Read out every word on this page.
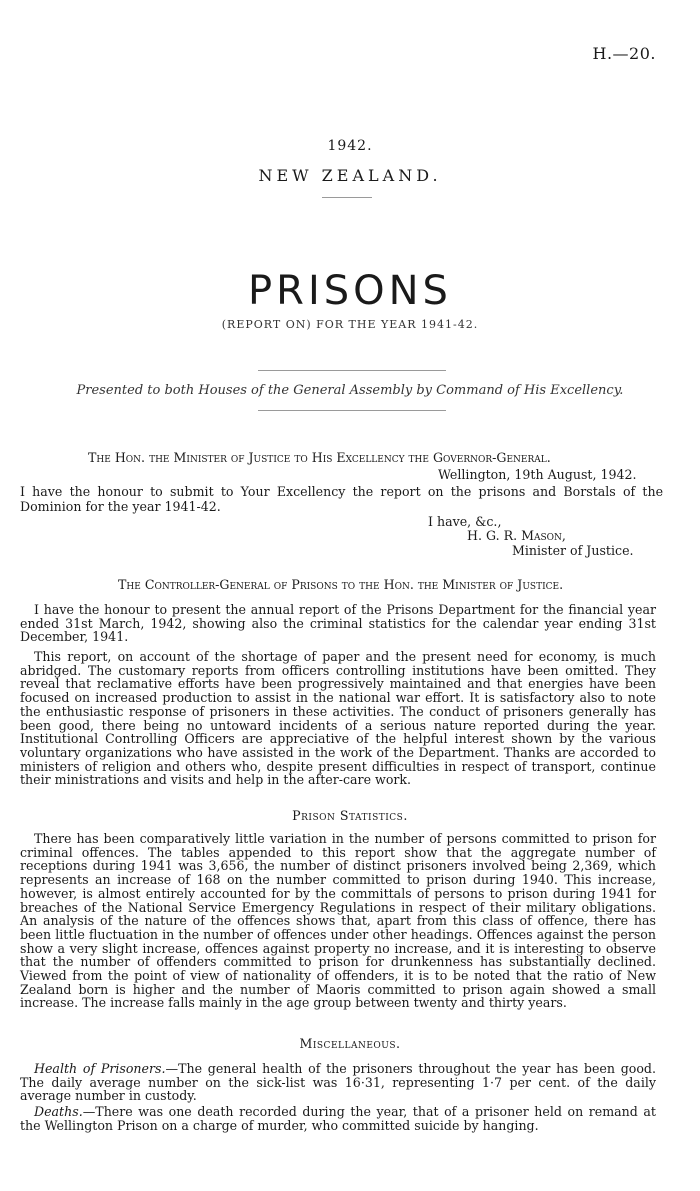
H.—20.
1942.
NEW ZEALAND.
PRISONS
(REPORT ON) FOR THE YEAR 1941-42.
Presented to both Houses of the General Assembly by Command of His Excellency.
The Hon. the Minister of Justice to His Excellency the Governor-General.
Wellington, 19th August, 1942.
I have the honour to submit to Your Excellency the report on the prisons and Borstals of the
Dominion for the year 1941-42.
I have, &c.,
H. G. R. Mason,
Minister of Justice.
The Controller-General of Prisons to the Hon. the Minister of Justice.
I have the honour to present the annual report of the Prisons Department for the financial year ended 31st March, 1942, showing also the criminal statistics for the calendar year ending 31st December, 1941.
This report, on account of the shortage of paper and the present need for economy, is much abridged. The customary reports from officers controlling institutions have been omitted. They reveal that reclamative efforts have been progressively maintained and that energies have been focused on increased production to assist in the national war effort. It is satisfactory also to note the enthusiastic response of prisoners in these activities. The conduct of prisoners generally has been good, there being no untoward incidents of a serious nature reported during the year. Institutional Controlling Officers are appreciative of the helpful interest shown by the various voluntary organizations who have assisted in the work of the Department. Thanks are accorded to ministers of religion and others who, despite present difficulties in respect of transport, continue their ministrations and visits and help in the after-care work.
Prison Statistics.
There has been comparatively little variation in the number of persons committed to prison for criminal offences. The tables appended to this report show that the aggregate number of receptions during 1941 was 3,656, the number of distinct prisoners involved being 2,369, which represents an increase of 168 on the number committed to prison during 1940. This increase, however, is almost entirely accounted for by the committals of persons to prison during 1941 for breaches of the National Service Emergency Regulations in respect of their military obligations. An analysis of the nature of the offences shows that, apart from this class of offence, there has been little fluctuation in the number of offences under other headings. Offences against the person show a very slight increase, offences against property no increase, and it is interesting to observe that the number of offenders committed to prison for drunkenness has substantially declined. Viewed from the point of view of nationality of offenders, it is to be noted that the ratio of New Zealand born is higher and the number of Maoris committed to prison again showed a small increase. The increase falls mainly in the age group between twenty and thirty years.
Miscellaneous.
Health of Prisoners.—The general health of the prisoners throughout the year has been good. The daily average number on the sick-list was 16·31, representing 1·7 per cent. of the daily average number in custody.
Deaths.—There was one death recorded during the year, that of a prisoner held on remand at the Wellington Prison on a charge of murder, who committed suicide by hanging.
